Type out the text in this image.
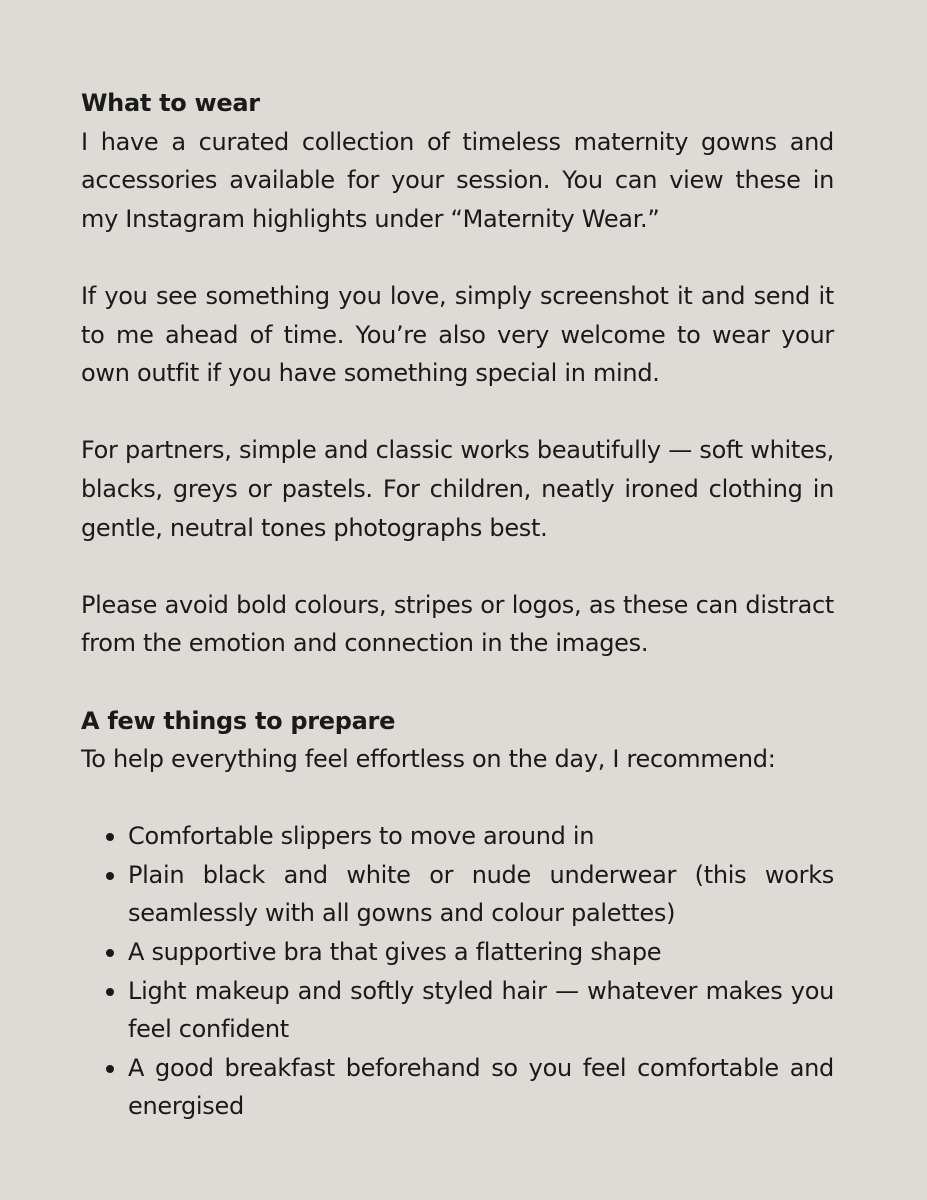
What to wear

I have a curated collection of timeless maternity gowns and accessories available for your session. You can view these in my Instagram highlights under “Maternity Wear.”

If you see something you love, simply screenshot it and send it to me ahead of time. You’re also very welcome to wear your own outfit if you have something special in mind.

For partners, simple and classic works beautifully — soft whites, blacks, greys or pastels. For children, neatly ironed clothing in gentle, neutral tones photographs best.

Please avoid bold colours, stripes or logos, as these can distract from the emotion and connection in the images.

A few things to prepare

To help everything feel effortless on the day, I recommend:

Comfortable slippers to move around in
Plain black and white or nude underwear (this works seamlessly with all gowns and colour palettes)
A supportive bra that gives a flattering shape
Light makeup and softly styled hair — whatever makes you feel confident
A good breakfast beforehand so you feel comfortable and energised
